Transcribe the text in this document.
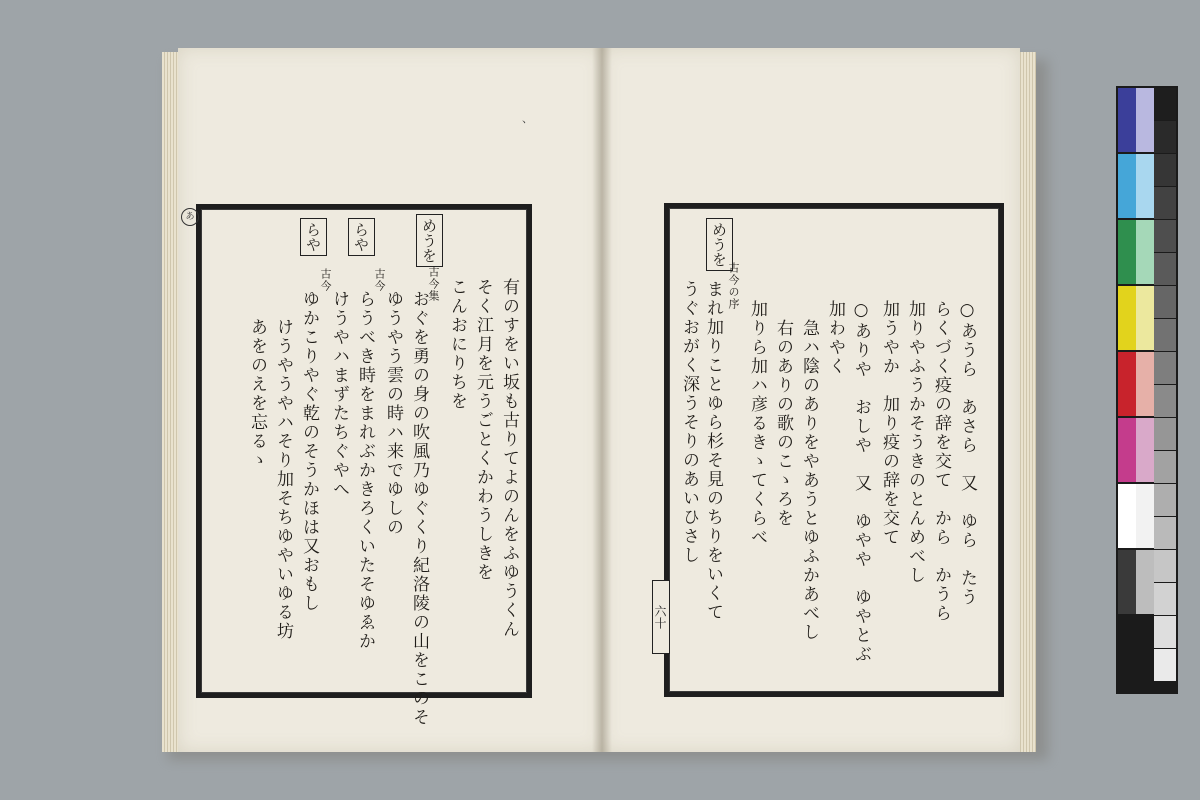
あ
、
めうを
○あうら　あさら　又　ゆら　たう
らくづく疫の辞を交て　から　かうら
加りやふうかそうきのとんめべし
加うやか　加り疫の辞を交て
○ありや　おしや　又　ゆやや　ゆやとぶ
加わやく
　急ハ陰のありをやあうとゆふかあべし
　右のありの歌のこゝろを
加りら加ハ彦るきゝてくらべ
古今の序
まれ加りことゆら杉そ見のちりをいくて
うぐおがく深うそりのあいひさし
六十
有のすをい坂も古りてよのんをふゆうくん
そく江月を元うごとくかわうしきを
こんおにりちを
めうを
古今集
おぐを勇の身の吹風乃ゆぐくり紀洛陵の山をこのそ
ゆうやう雲の時ハ来でゆしの
らや
古今
らうべき時をまれぶかきろくいたそゆゑか
けうやハまずたちぐやへ
らや
古今
ゆかこりやぐ乾のそうかほは又おもし
けうやうやハそり加そちゆやいゆる坊
あをのえを忘るゝ
